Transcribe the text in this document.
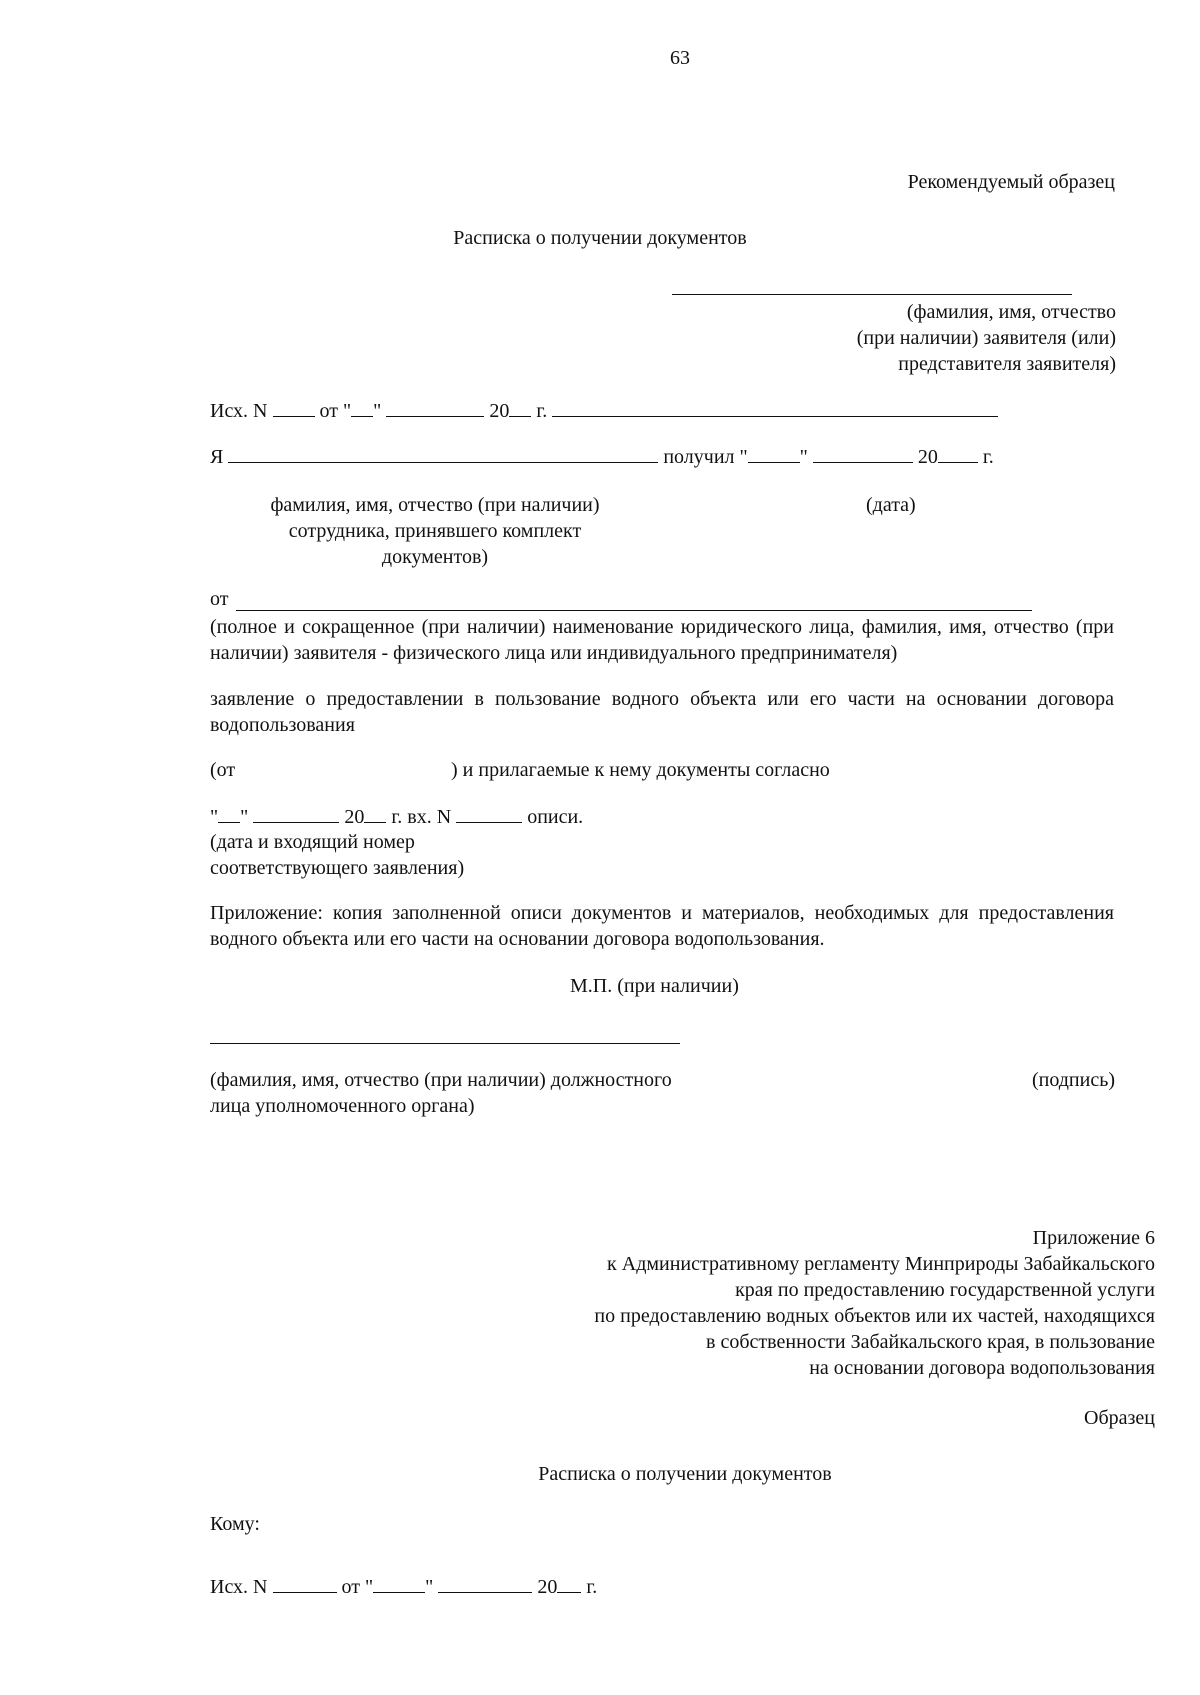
63
Рекомендуемый образец
Расписка о получении документов
(фамилия, имя, отчество
(при наличии) заявителя (или)
представителя заявителя)
Исх. N	от " "	20 г.
Я	получил "	"	20 г.
фамилия, имя, отчество (при наличии)
сотрудника, принявшего комплект
документов)
(дата)
от
(полное и сокращенное (при наличии) наименование юридического лица, фамилия, имя, отчество (при наличии) заявителя - физического лица или индивидуального предпринимателя)
заявление о предоставлении в пользование водного объекта или его части на основании договора водопользования
(от	) и прилагаемые к нему документы согласно
" "	20 г. вх. N	описи.
(дата и входящий номер
соответствующего заявления)
Приложение: копия заполненной описи документов и материалов, необходимых для предоставления водного объекта или его части на основании договора водопользования.
М.П. (при наличии)
(фамилия, имя, отчество (при наличии) должностного
лица уполномоченного органа)
(подпись)
Приложение 6
к Административному регламенту Минприроды Забайкальского
края по предоставлению государственной услуги
по предоставлению водных объектов или их частей, находящихся
в собственности Забайкальского края, в пользование
на основании договора водопользования
Образец
Расписка о получении документов
Кому:
Исх. N	от "	"	20 г.
